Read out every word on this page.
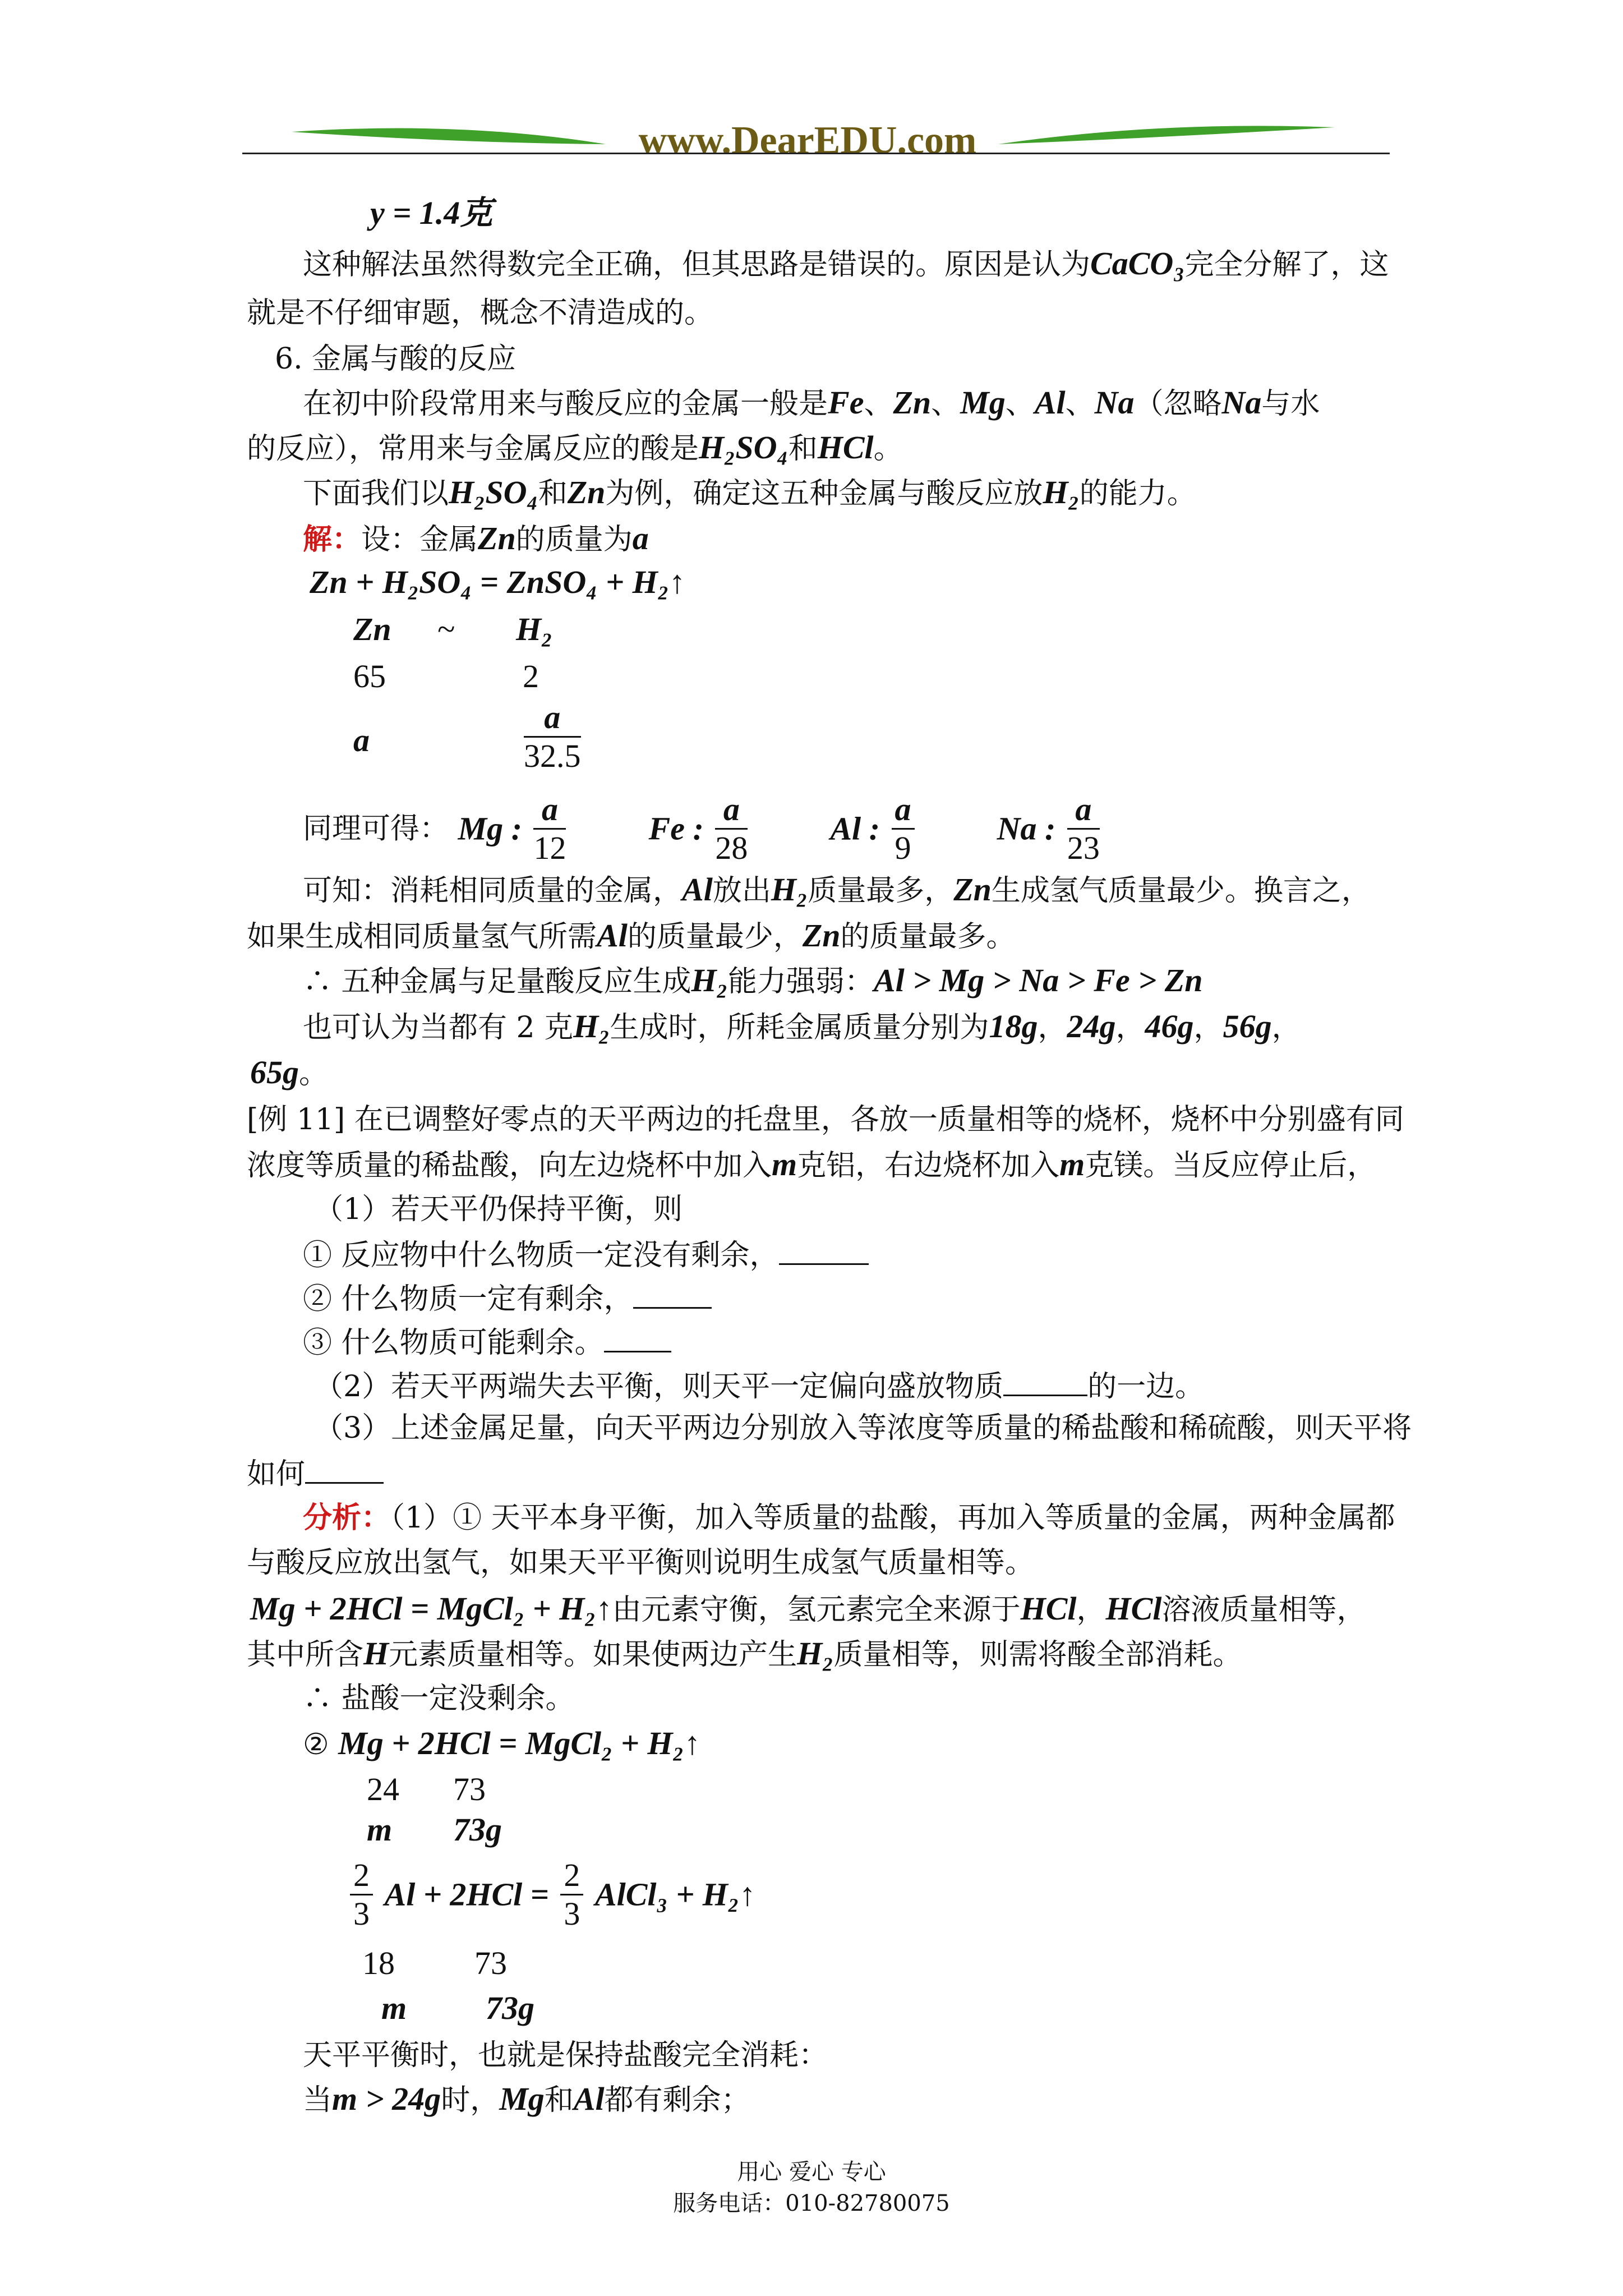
www.DearEDU.com
y = 1.4克
这种解法虽然得数完全正确，但其思路是错误的。原因是认为CaCO₃完全分解了，这
就是不仔细审题，概念不清造成的。
6. 金属与酸的反应
在初中阶段常用来与酸反应的金属一般是Fe、Zn、Mg、Al、Na（忽略Na与水
的反应），常用来与金属反应的酸是H₂SO₄和HCl。
下面我们以H₂SO₄和Zn为例，确定这五种金属与酸反应放H₂的能力。
解：设：金属Zn的质量为a
Zn + H₂SO₄ = ZnSO₄ + H₂↑
Zn ~ H₂
65	2
a	$\frac{a}{32.5}$
同理可得： Mg : $\frac{a}{12}$	Fe : $\frac{a}{28}$	Al : $\frac{a}{9}$	Na : $\frac{a}{23}$
可知：消耗相同质量的金属，Al放出H₂质量最多，Zn生成氢气质量最少。换言之，
如果生成相同质量氢气所需Al的质量最少，Zn的质量最多。
∴ 五种金属与足量酸反应生成H₂能力强弱：Al > Mg > Na > Fe > Zn
也可认为当都有 2 克H₂生成时，所耗金属质量分别为18g，24g，46g，56g，
65g。
[例 11] 在已调整好零点的天平两边的托盘里，各放一质量相等的烧杯，烧杯中分别盛有同
浓度等质量的稀盐酸，向左边烧杯中加入m克铝，右边烧杯加入m克镁。当反应停止后，
（1）若天平仍保持平衡，则
① 反应物中什么物质一定没有剩余，
② 什么物质一定有剩余，
③ 什么物质可能剩余。
（2）若天平两端失去平衡，则天平一定偏向盛放物质	的一边。
（3）上述金属足量，向天平两边分别放入等浓度等质量的稀盐酸和稀硫酸，则天平将
如何
分析：（1）① 天平本身平衡，加入等质量的盐酸，再加入等质量的金属，两种金属都
与酸反应放出氢气，如果天平平衡则说明生成氢气质量相等。
Mg + 2HCl = MgCl₂ + H₂↑由元素守衡，氢元素完全来源于HCl，HCl溶液质量相等，
其中所含H元素质量相等。如果使两边产生H₂质量相等，则需将酸全部消耗。
∴ 盐酸一定没剩余。
② Mg + 2HCl = MgCl₂ + H₂↑
24 73
m 73g
$\frac{2}{3}$ $Al + 2HCl = \frac{2}{3}$ AlCl₃ + H₂↑
18 73
m 73g
天平平衡时，也就是保持盐酸完全消耗：
当m > 24g时，Mg和Al都有剩余；
用心 爱心 专心
服务电话：010-82780075
